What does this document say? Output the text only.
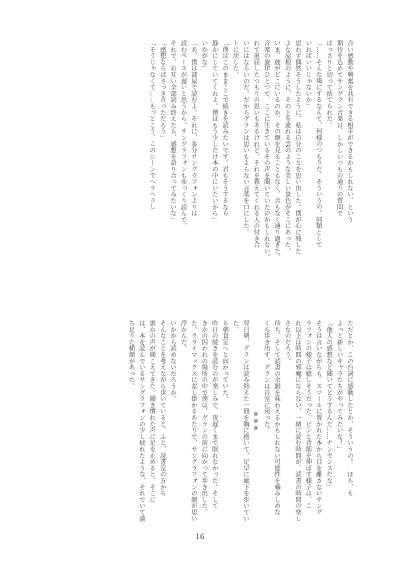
合い感動や興奮を共有できる相手ができるかもしれない、という
期待を込めてサングラン音楽は、しかしいつもの通りの質問で
ばっさりと切って捨てられた。
「……そんな風にするなんて、何様のつもりだ、そういうの。同類として
いればいいじゃないか」
思わず偶然そうしたように、私は自分のことを思い出した。僕が心に残した
よな屋根のように、その上を流れる雲のような美しい景色がそこにあった。
いま、彼がどこにいるのか、その顔を見ることもなく、音もなく通り過ぎた。
音楽の旋律ひとつで、ここに生きているその声を聞いていたのかもしれない。
れて退屈したつもりの思いもあるけれど、それを教えてくれる人の付き合
いにはならいのだ。だからグランは思いもよらない言葉を口にした。
トに戻した。
「僕はこのままここで続きを読みたいです。君もそうするなら
静かにしていてくれよ。僕はもう少しだけ本の中にいたいから」
いかがな」
「あ、僕は部屋で読むよ。それに、多分サングラフォンよりは
読むペースが遅いと思うから。サングラフォンもゆっくり読んで。
それで、お互い全部読み終えたら、感想を語り合ってみたいな」
「感想ならばさっき言っただろう」
「そうじゃなくて……もっとこう、このシーンでヘラヘラし
ただとか、この台詞に感動したとか、そういうの！　ほら、も
よっと新しいキャラたちがやってみたいな！」
「他人の感想など聞いてどうするんだ……ナンセンスだな」
そうは言いながらも、スツールに置かれた本から目を離さないサング
ラフォンの様子は嬉しそうだった。ピンと背筋を伸ばす様子は、こ
れ以上は時間の邪魔にならない、一緒に読む時間が、読書の時間の楽しさなのだろう。
待ち、そして読書の余韻を味わえるかもしれない可能性を噛みしめな
くら歩き出す。グランは自室に戻った。
※※※
翌日朝、グランは読み終えた一冊を胸に抱いて、足早に廊下を歩いていた。
ら朝食室へと向かっていた。
昨日の続きを読むのが楽しみで、夜遅くまで眠れなかった。そして
きかの囚われの場所の中で僕は、グランの前に向かって歩き出した。
た。クライマックスに差し掛かるあたりで、サングラフォンの顔が思い浮かんだ。
いかから読めないだろうか。
そんなことを考えながら歩いていると、ふと、読書室の方から
誰かの声が聞こえてきた。聞き慣れた声に足を止めると、そこに
は、本を読んでいるサングラフォンの少し疲れたような、それでいて満ち足りた横顔があった。
16
